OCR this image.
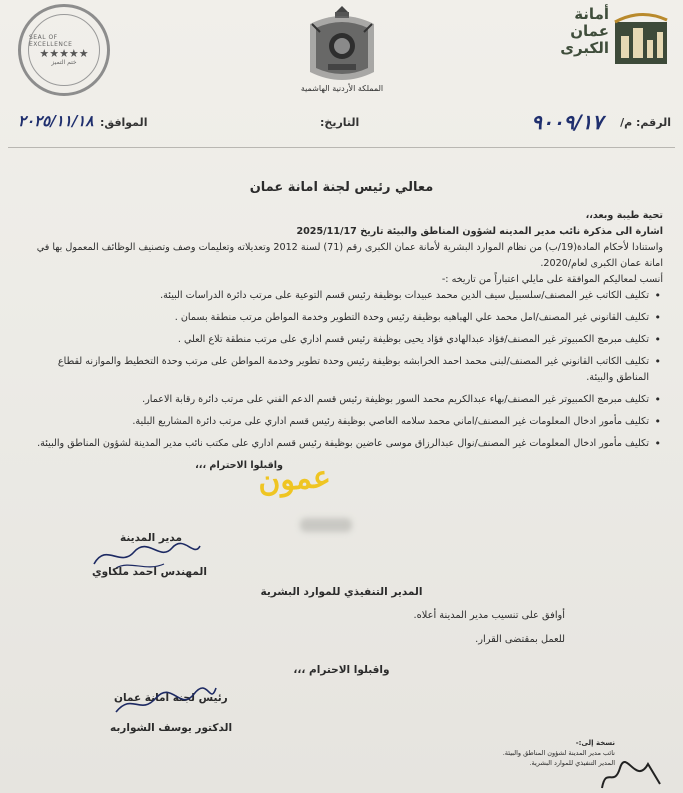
SEAL OF EXCELLENCE
★★★★★
ختم التميز
المملكة الأردنية الهاشمية
أمانة عمان الكبرى
الرقم: م/
٩٠٠٩/١٧
التاريخ:
الموافق:
٢٠٢٥/١١/١٨
معالي رئيس لجنة امانة عمان
تحية طيبة وبعد،،
اشارة الى مذكرة نائب مدير المدينه لشؤون المناطق والبيئة تاريخ 2025/11/17
واستنادا لأحكام المادة(19/ب) من نظام الموارد البشرية لأمانة عمان الكبرى رقم (71) لسنة 2012 وتعديلاته وتعليمات وصف وتصنيف الوظائف المعمول بها في امانة عمان الكبرى لعام/2020.
أنسب لمعاليكم الموافقة على مايلي اعتباراً من تاريخه :-
• تكليف الكاتب غير المصنف/سلسبيل سيف الدين محمد عبيدات بوظيفة رئيس قسم التوعية على مرتب دائرة الدراسات البيئة.
• تكليف القانوني غير المصنف/امل محمد علي الهباهبه بوظيفة رئيس وحدة التطوير وخدمة المواطن مرتب منطقة بسمان .
• تكليف مبرمج الكمبيوتر غير المصنف/فؤاد عبدالهادي فؤاد يحيى بوظيفة رئيس قسم اداري على مرتب منطقة تلاع العلي .
• تكليف الكاتب القانوني غير المصنف/لبنى محمد احمد الخرابشه بوظيفة رئيس وحدة تطوير وخدمة المواطن على مرتب وحدة التخطيط والموازنه لقطاع المناطق والبيئة.
• تكليف مبرمج الكمبيوتر غير المصنف/بهاء عبدالكريم محمد السور بوظيفة رئيس قسم الدعم الفني على مرتب دائرة رقابة الاعمار.
• تكليف مأمور ادخال المعلومات غير المصنف/اماني محمد سلامه العاصي بوظيفة رئيس قسم اداري على مرتب دائرة المشاريع البلية.
• تكليف مأمور ادخال المعلومات غير المصنف/نوال عبدالرزاق موسى عاضين بوظيفة رئيس قسم اداري على مكتب نائب مدير المدينة لشؤون المناطق والبيئة.
واقبلوا الاحترام ،،،
مدير المدينة
المهندس احمد ملكاوي
المدير التنفيذي للموارد البشرية
أوافق على تنسيب مدير المدينة أعلاه.
للعمل بمقتضى القرار.
واقبلوا الاحترام ،،،
رئيس لجنة امانة عمان
الدكتور يوسف الشواربه
نسخة إلى:-
نائب مدير المدينة لشؤون المناطق والبيئة.
المدير التنفيذي للموارد البشرية.
عمون
